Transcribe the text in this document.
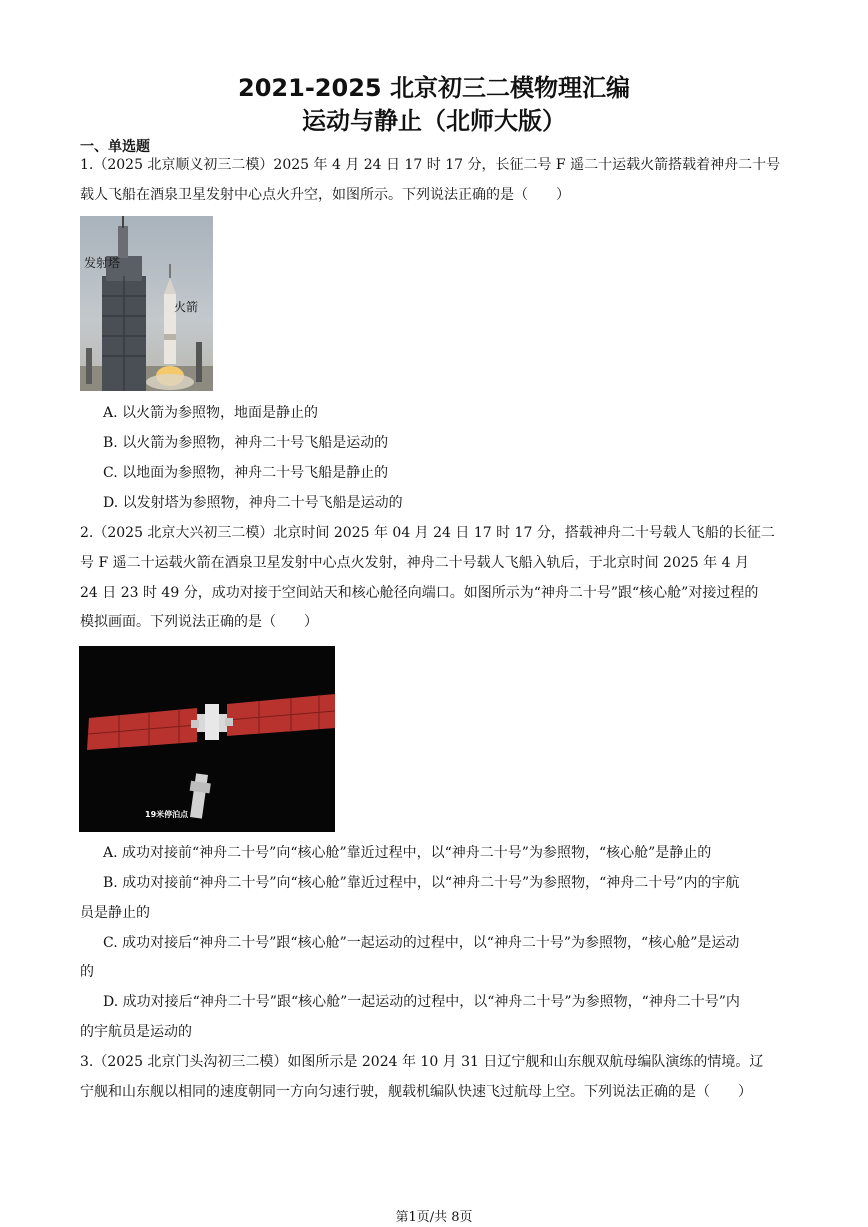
2021-2025 北京初三二模物理汇编
运动与静止（北师大版）
一、单选题
1.（2025 北京顺义初三二模）2025 年 4 月 24 日 17 时 17 分，长征二号 F 遥二十运载火箭搭载着神舟二十号
载人飞船在酒泉卫星发射中心点火升空，如图所示。下列说法正确的是（　　）
发射塔
火箭
A. 以火箭为参照物，地面是静止的
B. 以火箭为参照物，神舟二十号飞船是运动的
C. 以地面为参照物，神舟二十号飞船是静止的
D. 以发射塔为参照物，神舟二十号飞船是运动的
2.（2025 北京大兴初三二模）北京时间 2025 年 04 月 24 日 17 时 17 分，搭载神舟二十号载人飞船的长征二
号 F 遥二十运载火箭在酒泉卫星发射中心点火发射，神舟二十号载人飞船入轨后，于北京时间 2025 年 4 月
24 日 23 时 49 分，成功对接于空间站天和核心舱径向端口。如图所示为“神舟二十号”跟“核心舱”对接过程的
模拟画面。下列说法正确的是（　　）
19米停泊点
A. 成功对接前“神舟二十号”向“核心舱”靠近过程中，以“神舟二十号”为参照物，“核心舱”是静止的
B. 成功对接前“神舟二十号”向“核心舱”靠近过程中，以“神舟二十号”为参照物，“神舟二十号”内的宇航
员是静止的
C. 成功对接后“神舟二十号”跟“核心舱”一起运动的过程中，以“神舟二十号”为参照物，“核心舱”是运动
的
D. 成功对接后“神舟二十号”跟“核心舱”一起运动的过程中，以“神舟二十号”为参照物，“神舟二十号”内
的宇航员是运动的
3.（2025 北京门头沟初三二模）如图所示是 2024 年 10 月 31 日辽宁舰和山东舰双航母编队演练的情境。辽
宁舰和山东舰以相同的速度朝同一方向匀速行驶，舰载机编队快速飞过航母上空。下列说法正确的是（　　）
第1页/共 8页
